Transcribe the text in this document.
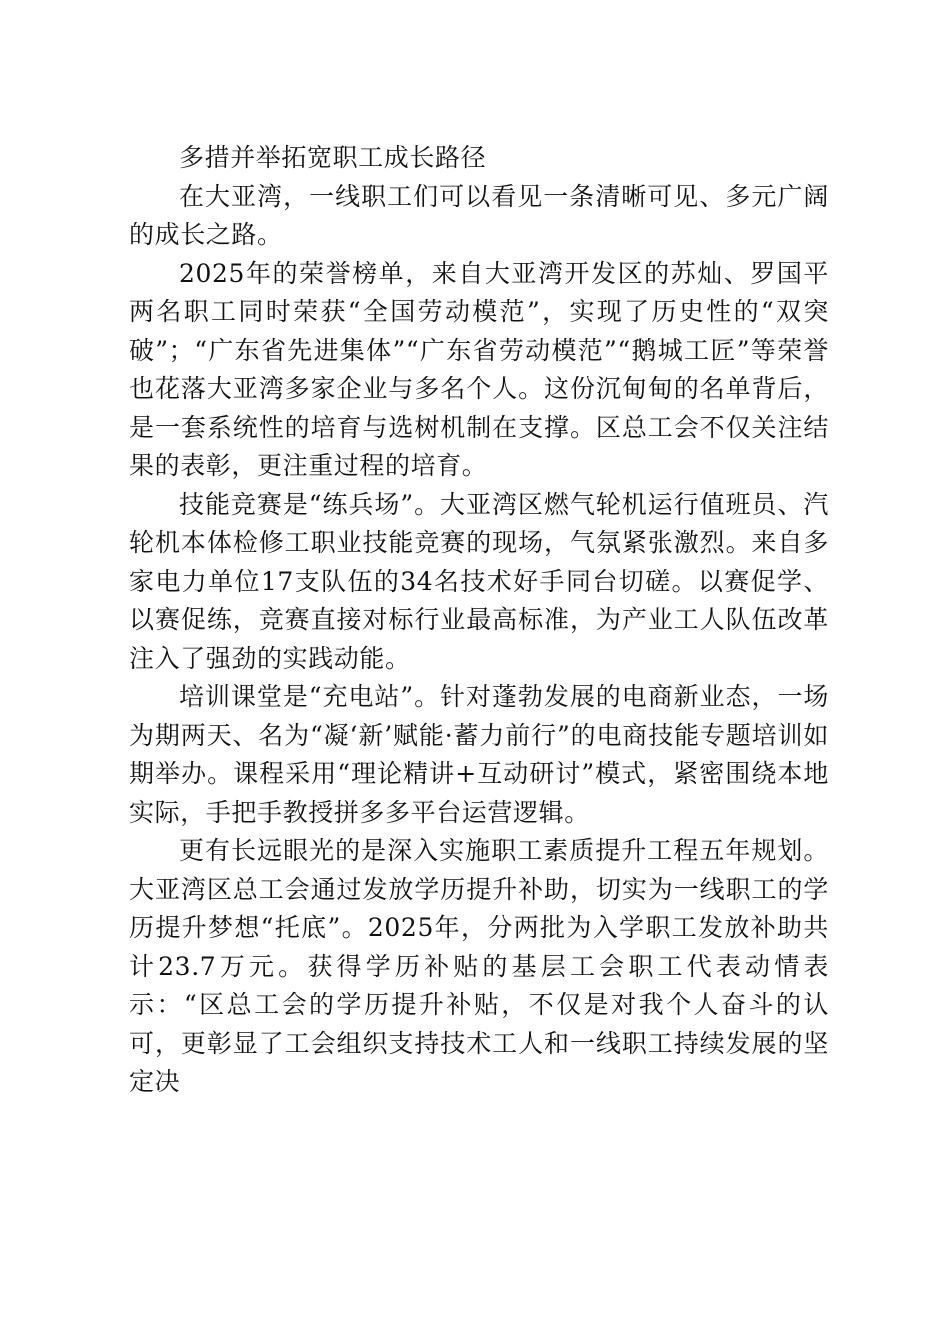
多措并举拓宽职工成长路径

在大亚湾，一线职工们可以看见一条清晰可见、多元广阔的成长之路。

2025年的荣誉榜单，来自大亚湾开发区的苏灿、罗国平两名职工同时荣获“全国劳动模范”，实现了历史性的“双突破”；“广东省先进集体”“广东省劳动模范”“鹅城工匠”等荣誉也花落大亚湾多家企业与多名个人。这份沉甸甸的名单背后，是一套系统性的培育与选树机制在支撑。区总工会不仅关注结果的表彰，更注重过程的培育。

技能竞赛是“练兵场”。大亚湾区燃气轮机运行值班员、汽轮机本体检修工职业技能竞赛的现场，气氛紧张激烈。来自多家电力单位17支队伍的34名技术好手同台切磋。以赛促学、以赛促练，竞赛直接对标行业最高标准，为产业工人队伍改革注入了强劲的实践动能。

培训课堂是“充电站”。针对蓬勃发展的电商新业态，一场为期两天、名为“凝‘新’赋能·蓄力前行”的电商技能专题培训如期举办。课程采用“理论精讲+互动研讨”模式，紧密围绕本地实际，手把手教授拼多多平台运营逻辑。

更有长远眼光的是深入实施职工素质提升工程五年规划。大亚湾区总工会通过发放学历提升补助，切实为一线职工的学历提升梦想“托底”。2025年，分两批为入学职工发放补助共计23.7万元。获得学历补贴的基层工会职工代表动情表示：“区总工会的学历提升补贴，不仅是对我个人奋斗的认可，更彰显了工会组织支持技术工人和一线职工持续发展的坚定决
